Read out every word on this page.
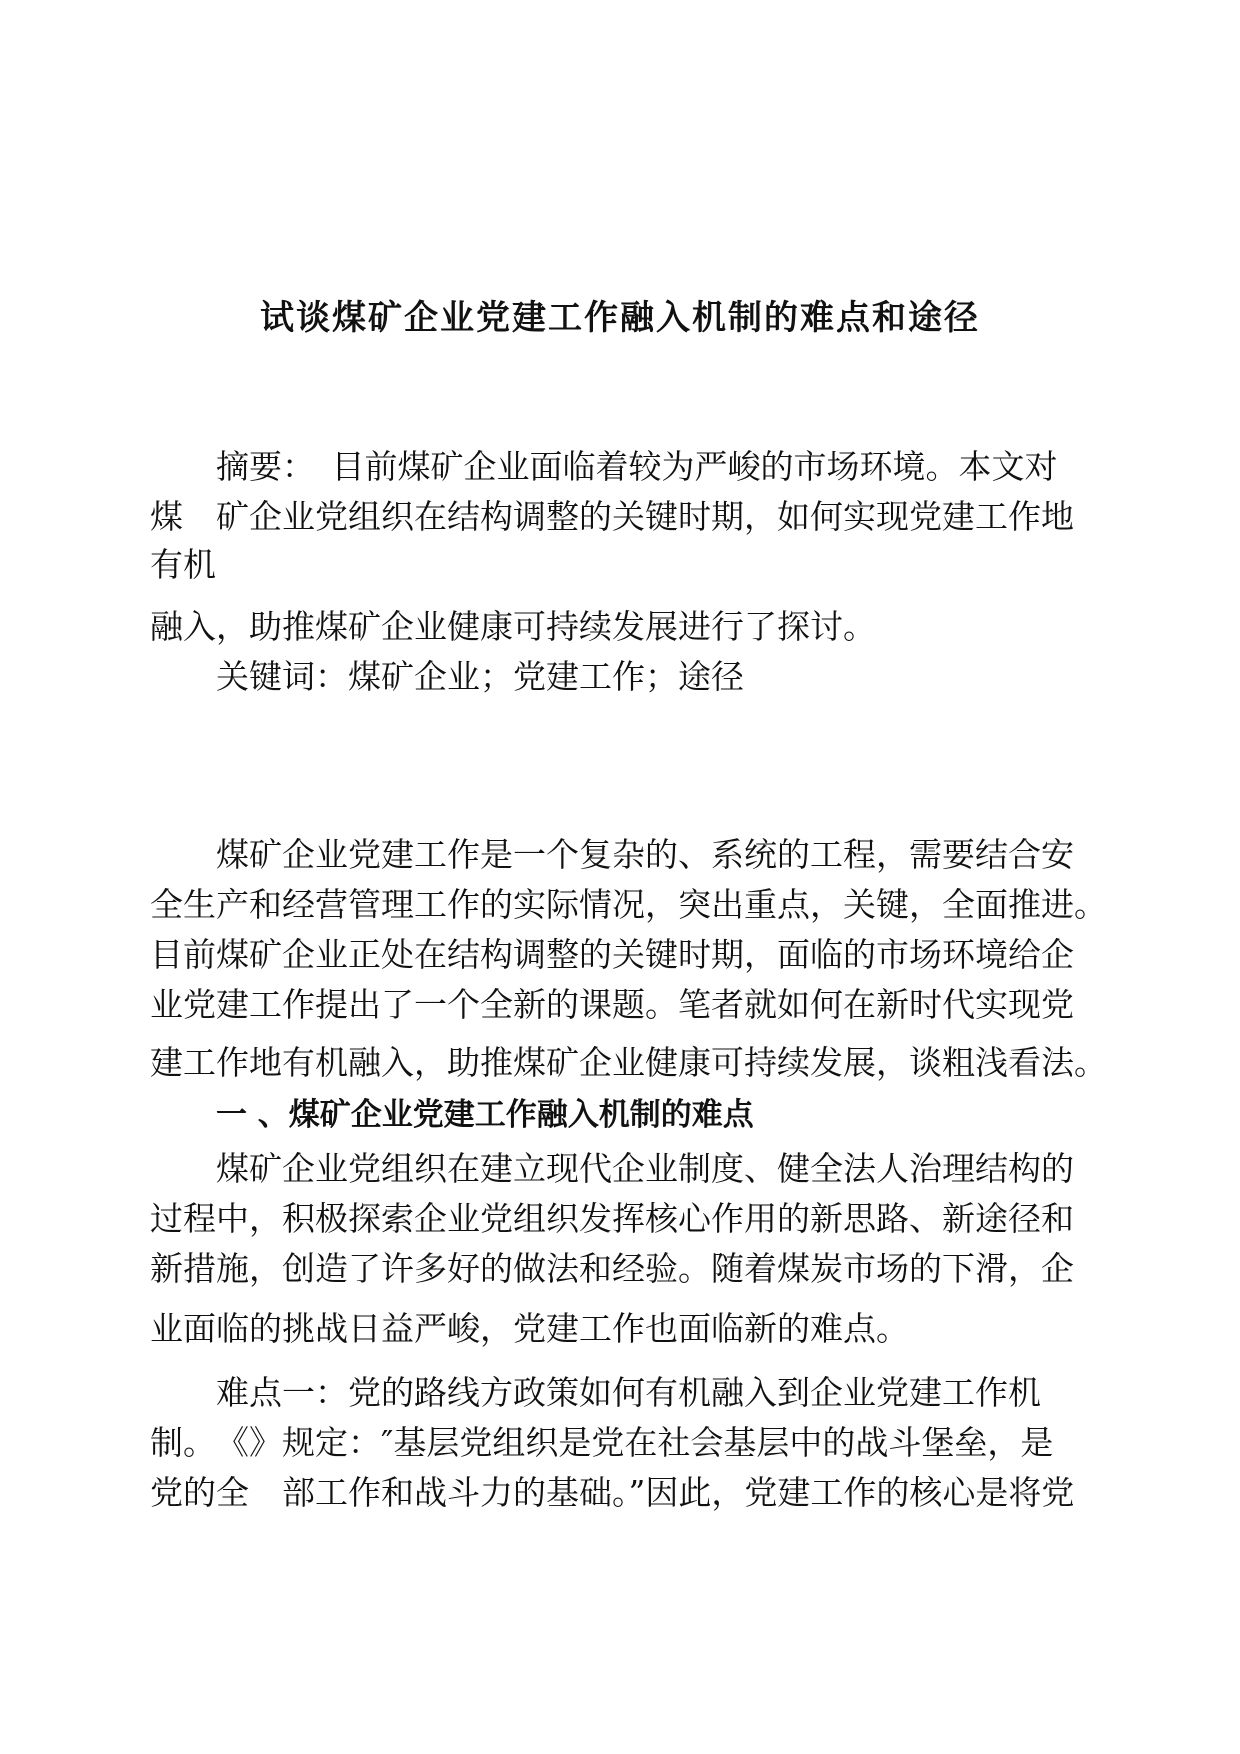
试谈煤矿企业党建工作融入机制的难点和途径
摘要：　目前煤矿企业面临着较为严峻的市场环境。本文对
煤　矿企业党组织在结构调整的关键时期，如何实现党建工作地
有机
融入，助推煤矿企业健康可持续发展进行了探讨。
关键词：煤矿企业；党建工作；途径
煤矿企业党建工作是一个复杂的、系统的工程，需要结合安
全生产和经营管理工作的实际情况，突出重点，关键，全面推进。
目前煤矿企业正处在结构调整的关键时期，面临的市场环境给企
业党建工作提出了一个全新的课题。笔者就如何在新时代实现党
建工作地有机融入，助推煤矿企业健康可持续发展，谈粗浅看法。
一 、煤矿企业党建工作融入机制的难点
煤矿企业党组织在建立现代企业制度、健全法人治理结构的
过程中，积极探索企业党组织发挥核心作用的新思路、新途径和
新措施，创造了许多好的做法和经验。随着煤炭市场的下滑，企
业面临的挑战日益严峻，党建工作也面临新的难点。
难点一：党的路线方政策如何有机融入到企业党建工作机
制。　《》规定：″基层党组织是党在社会基层中的战斗堡垒，是
党的全　部工作和战斗力的基础。”因此，党建工作的核心是将党
